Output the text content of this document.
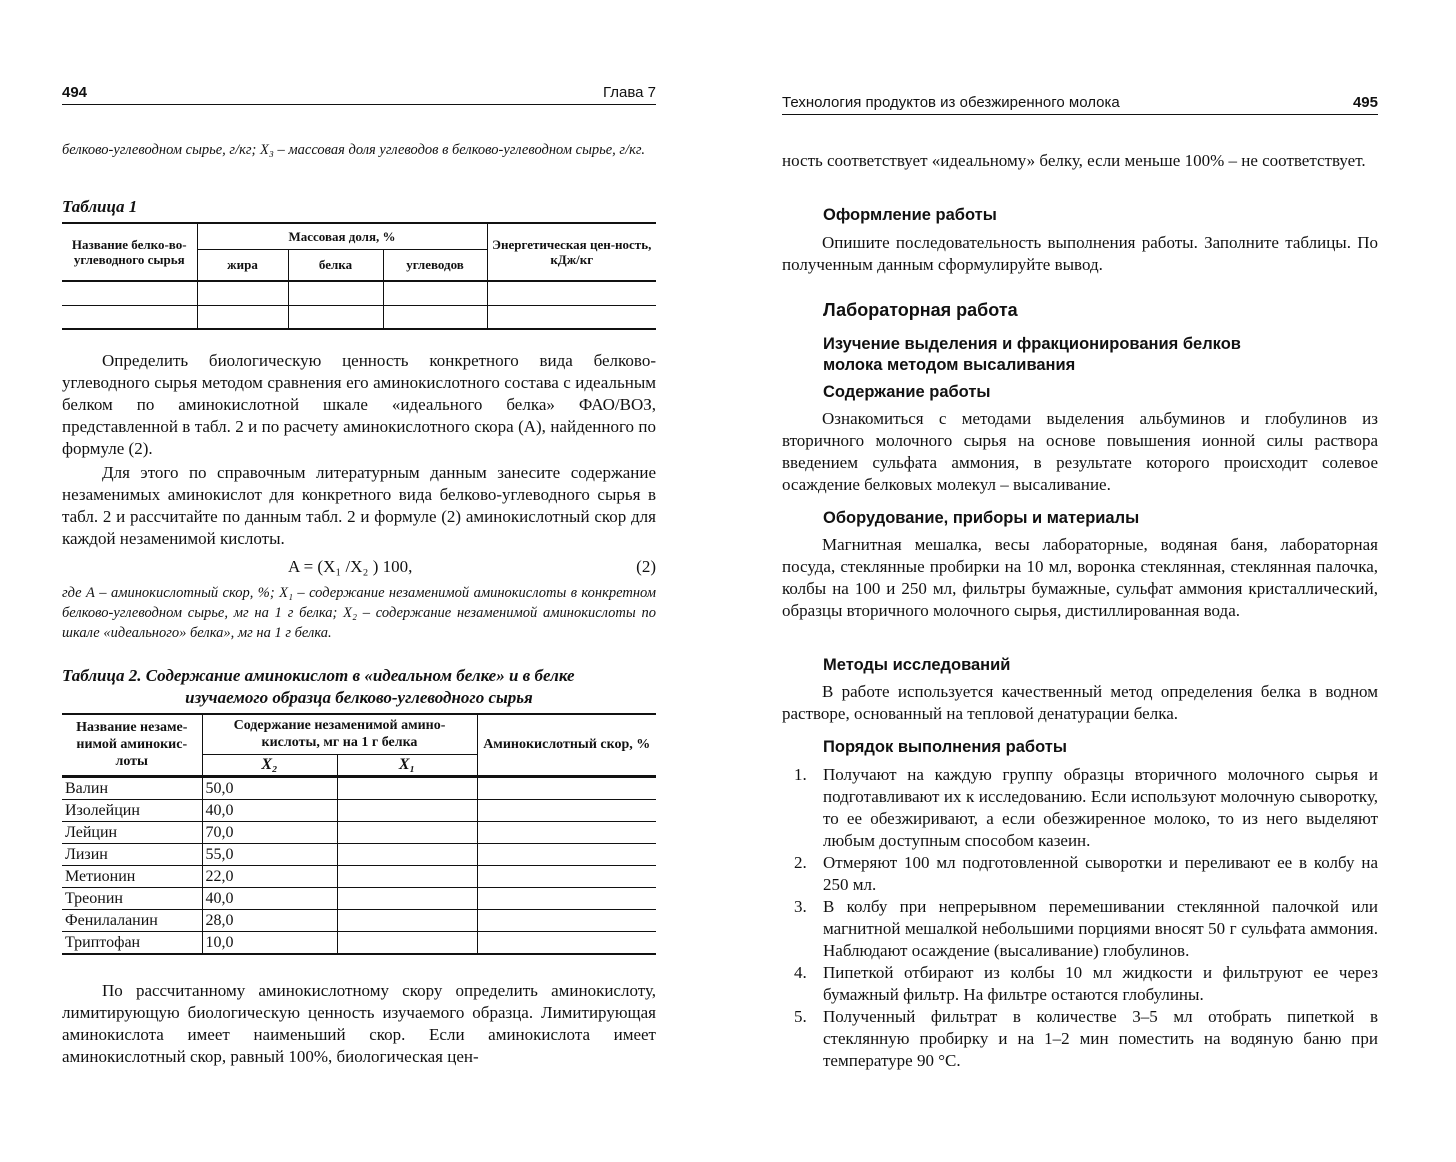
494	Глава 7

белково-углеводном сырье, г/кг; X₃ – массовая доля углеводов в белково-углеводном сырье, г/кг.

Таблица 1

Название белко-во-углеводного сырья	Массовая доля, %			Энергетическая цен-ность, кДж/кг
	жира	белка	углеводов	

Определить биологическую ценность конкретного вида белково-углеводного сырья методом сравнения его аминокислотного состава с идеальным белком по аминокислотной шкале «идеального белка» ФАО/ВОЗ, представленной в табл. 2 и по расчету аминокислотного скора (А), найденного по формуле (2).

Для этого по справочным литературным данным занесите содержание незаменимых аминокислот для конкретного вида белково-углеводного сырья в табл. 2 и рассчитайте по данным табл. 2 и формуле (2) аминокислотный скор для каждой незаменимой кислоты.

A = (X₁ /X₂ ) 100,	(2)

где А – аминокислотный скор, %; X₁ – содержание незаменимой аминокислоты в конкретном белково-углеводном сырье, мг на 1 г белка; X₂ – содержание незаменимой аминокислоты по шкале «идеального» белка», мг на 1 г белка.

Таблица 2. Содержание аминокислот в «идеальном белке» и в белке

изучаемого образца белково-углеводного сырья

Название незаме-нимой аминокис-лоты	Содержание незаменимой амино-кислоты, мг на 1 г белка		Аминокислотный скор, %
	X₂	X₁	
Валин	50,0		
Изолейцин	40,0		
Лейцин	70,0		
Лизин	55,0		
Метионин	22,0		
Треонин	40,0		
Фенилаланин	28,0		
Триптофан	10,0		

По рассчитанному аминокислотному скору определить аминокислоту, лимитирующую биологическую ценность изучаемого образца. Лимитирующая аминокислота имеет наименьший скор. Если аминокислота имеет аминокислотный скор, равный 100%, биологическая цен-

Технология продуктов из обезжиренного молока	495

ность соответствует «идеальному» белку, если меньше 100% – не соответствует.

Оформление работы

Опишите последовательность выполнения работы. Заполните таблицы. По полученным данным сформулируйте вывод.

Лабораторная работа
Изучение выделения и фракционирования белков
молока методом высаливания
Содержание работы

Ознакомиться с методами выделения альбуминов и глобулинов из вторичного молочного сырья на основе повышения ионной силы раствора введением сульфата аммония, в результате которого происходит солевое осаждение белковых молекул – высаливание.

Оборудование, приборы и материалы

Магнитная мешалка, весы лабораторные, водяная баня, лабораторная посуда, стеклянные пробирки на 10 мл, воронка стеклянная, стеклянная палочка, колбы на 100 и 250 мл, фильтры бумажные, сульфат аммония кристаллический, образцы вторичного молочного сырья, дистиллированная вода.

Методы исследований

В работе используется качественный метод определения белка в водном растворе, основанный на тепловой денатурации белка.

Порядок выполнения работы
1. Получают на каждую группу образцы вторичного молочного сырья и подготавливают их к исследованию. Если используют молочную сыворотку, то ее обезжиривают, а если обезжиренное молоко, то из него выделяют любым доступным способом казеин.
2. Отмеряют 100 мл подготовленной сыворотки и переливают ее в колбу на 250 мл.
3. В колбу при непрерывном перемешивании стеклянной палочкой или магнитной мешалкой небольшими порциями вносят 50 г сульфата аммония. Наблюдают осаждение (высаливание) глобулинов.
4. Пипеткой отбирают из колбы 10 мл жидкости и фильтруют ее через бумажный фильтр. На фильтре остаются глобулины.
5. Полученный фильтрат в количестве 3–5 мл отобрать пипеткой в стеклянную пробирку и на 1–2 мин поместить на водяную баню при температуре 90 °С.
